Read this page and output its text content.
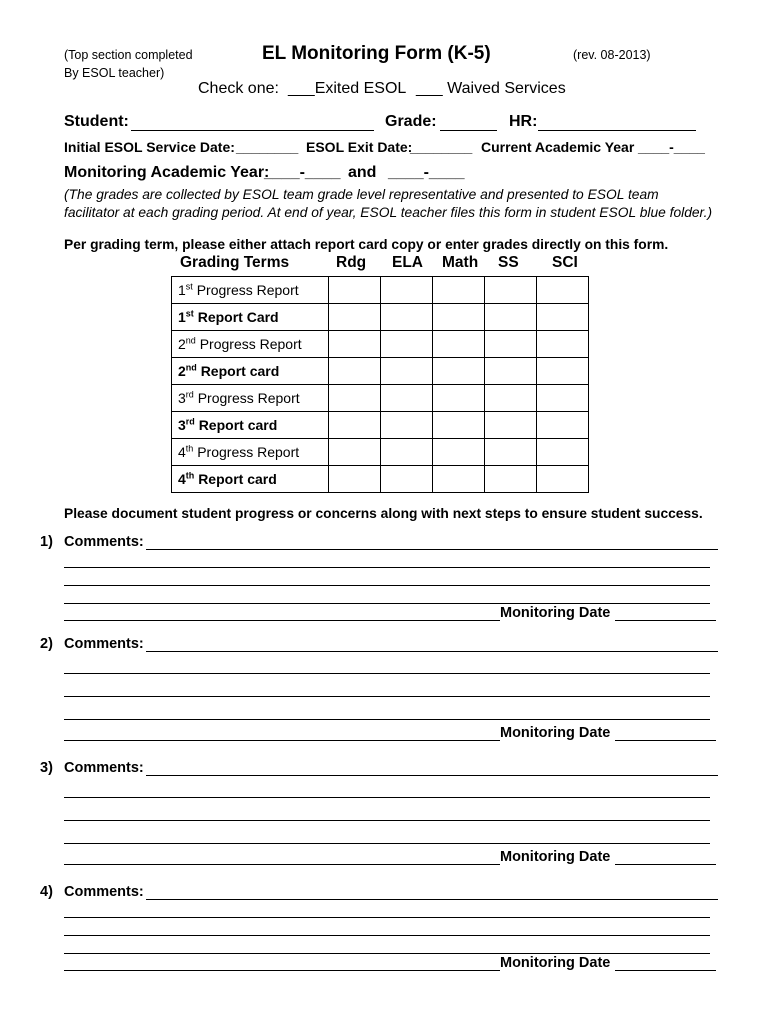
(Top section completed
By ESOL teacher)
EL Monitoring Form (K-5)	(rev. 08-2013)
Check one: ___Exited ESOL ___ Waived Services
Student:	Grade:	HR:
Initial ESOL Service Date: ________ ESOL Exit Date:
________ Current Academic Year ____-____
Monitoring Academic Year:
____-____ and ____-____
(The grades are collected by ESOL team grade level representative and presented to ESOL team
facilitator at each grading period. At end of year, ESOL teacher files this form in student ESOL blue folder.)
Per grading term, please either attach report card copy or enter grades directly on this form.
Grading Terms	Rdg ELA Math SS SCI
1st Progress Report					
1st Report Card					
2nd Progress Report					
2nd Report card					
3rd Progress Report					
3rd Report card					
4th Progress Report					
4th Report card					
Please document student progress or concerns along with next steps to ensure student success.
1) Comments:
Monitoring Date
2) Comments:
Monitoring Date
3) Comments:
Monitoring Date
4) Comments:
Monitoring Date
